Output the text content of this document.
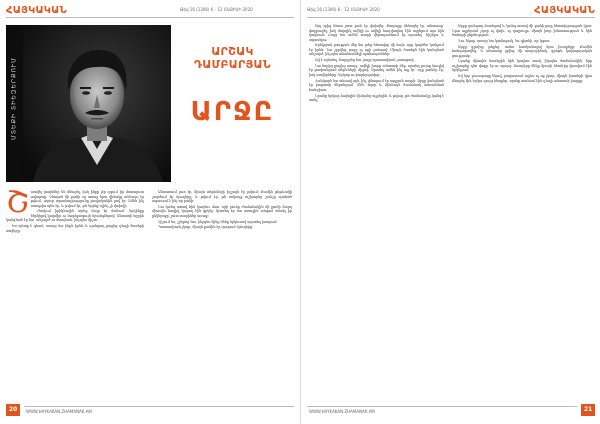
ՀԱՅԿԱԿԱՆ	Թիվ 16 (1306) 6 - 12 ՄԱՅԻՍԻ 2020
ՄՏԵՔԻ ՏԻԵԶԵՐՔՈՒՄ
ԱՐՇԱԿ
ԴԱՄԲԱՐՅԱՆ
ԱՐՋԸ
Շ ատվել րոպեներ են մնացել, իսկ ինքը չէր զգում իր մոտալուտ ավարտը: Չնայած մի քանի օր առաջ նրա վիճակը անհույս էր թվում, այսօր տրամադրությունը բավականին լավ էր։ Ամեն ինչ առաջվա պես էր, և թվում էր, թե երբեք ոչինչ չի փոխվի։

Հեռվում իրիկնային արևը մայր էր մտնում՝ երկինքը ներկելով կարմիր ու նարնջագույն երանգներով։ Անտառի եզրին կանգնած էր նա՝ անշարժ ու մտախոհ, ինչպես միշտ։

Ես պետք է գնամ, ասաց նա ինքն իրեն և դանդաղ քայլեց դեպի ծառերի ստվերը։

Անտառում լուռ էր, միայն տերևների խշշոցն էր լսվում։ Քամին թեթևակի շարժում էր ճյուղերը, և թվում էր, թե ամբողջ աշխարհը շունչը պահած սպասում է ինչ-որ բանի։

Նա կանգ առավ հին կաղնու մոտ, որի բունը ժամանակին մի քանի մարդ միասին հազիվ կարող էին գրկել։ Այստեղ էր նա առաջին անգամ տեսել իր ընկերոջը՝ շատ տարիներ առաջ։

Հիշում ես, շշնջաց նա, ինչպես էինք մենք երկուսով այստեղ խաղում։

Պատասխան չկար, միայն քամին էր օրորում ճյուղերը։

20	WWW.HAYKAKAN.ZHAMANAK.AM
Թիվ 16 (1306) 6 - 12 ՄԱՅԻՍԻ 2020	ՀԱՅԿԱԿԱՆ

Այդ օրից հետո շատ բան էր փոխվել։ Քաղաքը մեծացել էր, անտառը՝ փոքրացել, իսկ մարդիկ ավելի ու ավելի հազվադեպ էին այցելում այս հին կաղնուն։ Բայց նա ամեն տարի վերադառնում էր այստեղ՝ հիշելու և սպասելու։

Երեկոյան լռության մեջ նա լսեց հեռավոր մի ձայն, որը կարծես կանչում էր իրեն։ Նա շրջվեց, բայց ոչ ոքի չտեսավ։ Միայն ծառերն էին կանգնած անշարժ, ինչպես անտեսանելի պահապաններ։

Ով է այնտեղ, հարցրեց նա, բայց պատասխան չստացավ։

Նա նորից քայլեց առաջ, ավելի խորը անտառի մեջ, որտեղ լույսը հազիվ էր թափանցում տերևների միջով։ Այստեղ ամեն ինչ այլ էր՝ օդը թանձր էր, իսկ ստվերները՝ երկար ու խորհրդավոր։

Հանկարծ նա տեսավ այն, ինչ փնտրում էր այդքան տարի։ Արջը կանգնած էր բացատի մեջտեղում՝ մեծ, հզոր և միևնույն ժամանակ անսահման հանգիստ։

Նրանք երկար նայեցին միմյանց աչքերին, և թվաց, թե ժամանակը կանգ է առել։

Արջը դանդաղ մոտեցավ և կանգ առավ մի քանի քայլ հեռավորության վրա։ Նրա աչքերում չկար ոչ վախ, ոչ զայրույթ, միայն խոր իմաստություն և հին ծանոթի ջերմություն։

Դու եկար, ասաց նա կամացուկ, ես գիտեի, որ կգաս։

Արջը գլուխը թեքեց, ասես հասկանալով նրա խոսքերը։ Քամին հանդարտվեց, և անտառը լցվեց մի տարօրինակ, գրեթե կախարդական լռությամբ։

Նրանք միասին նստեցին հին կաղնու տակ, ինչպես ժամանակին, երբ աշխարհը դեռ փոքր էր ու պարզ։ Աստղերը մեկը մյուսի հետևից վառվում էին երկնքում։

Եվ երբ լուսաբացը եկավ, բացատում այլևս ոչ ոք չկար, միայն խոտերի վրա մնացել էին երկու զույգ հետքեր, որոնք տանում էին դեպի անտառի խորքը։

WWW.HAYKAKAN.ZHAMANAK.AM	21
